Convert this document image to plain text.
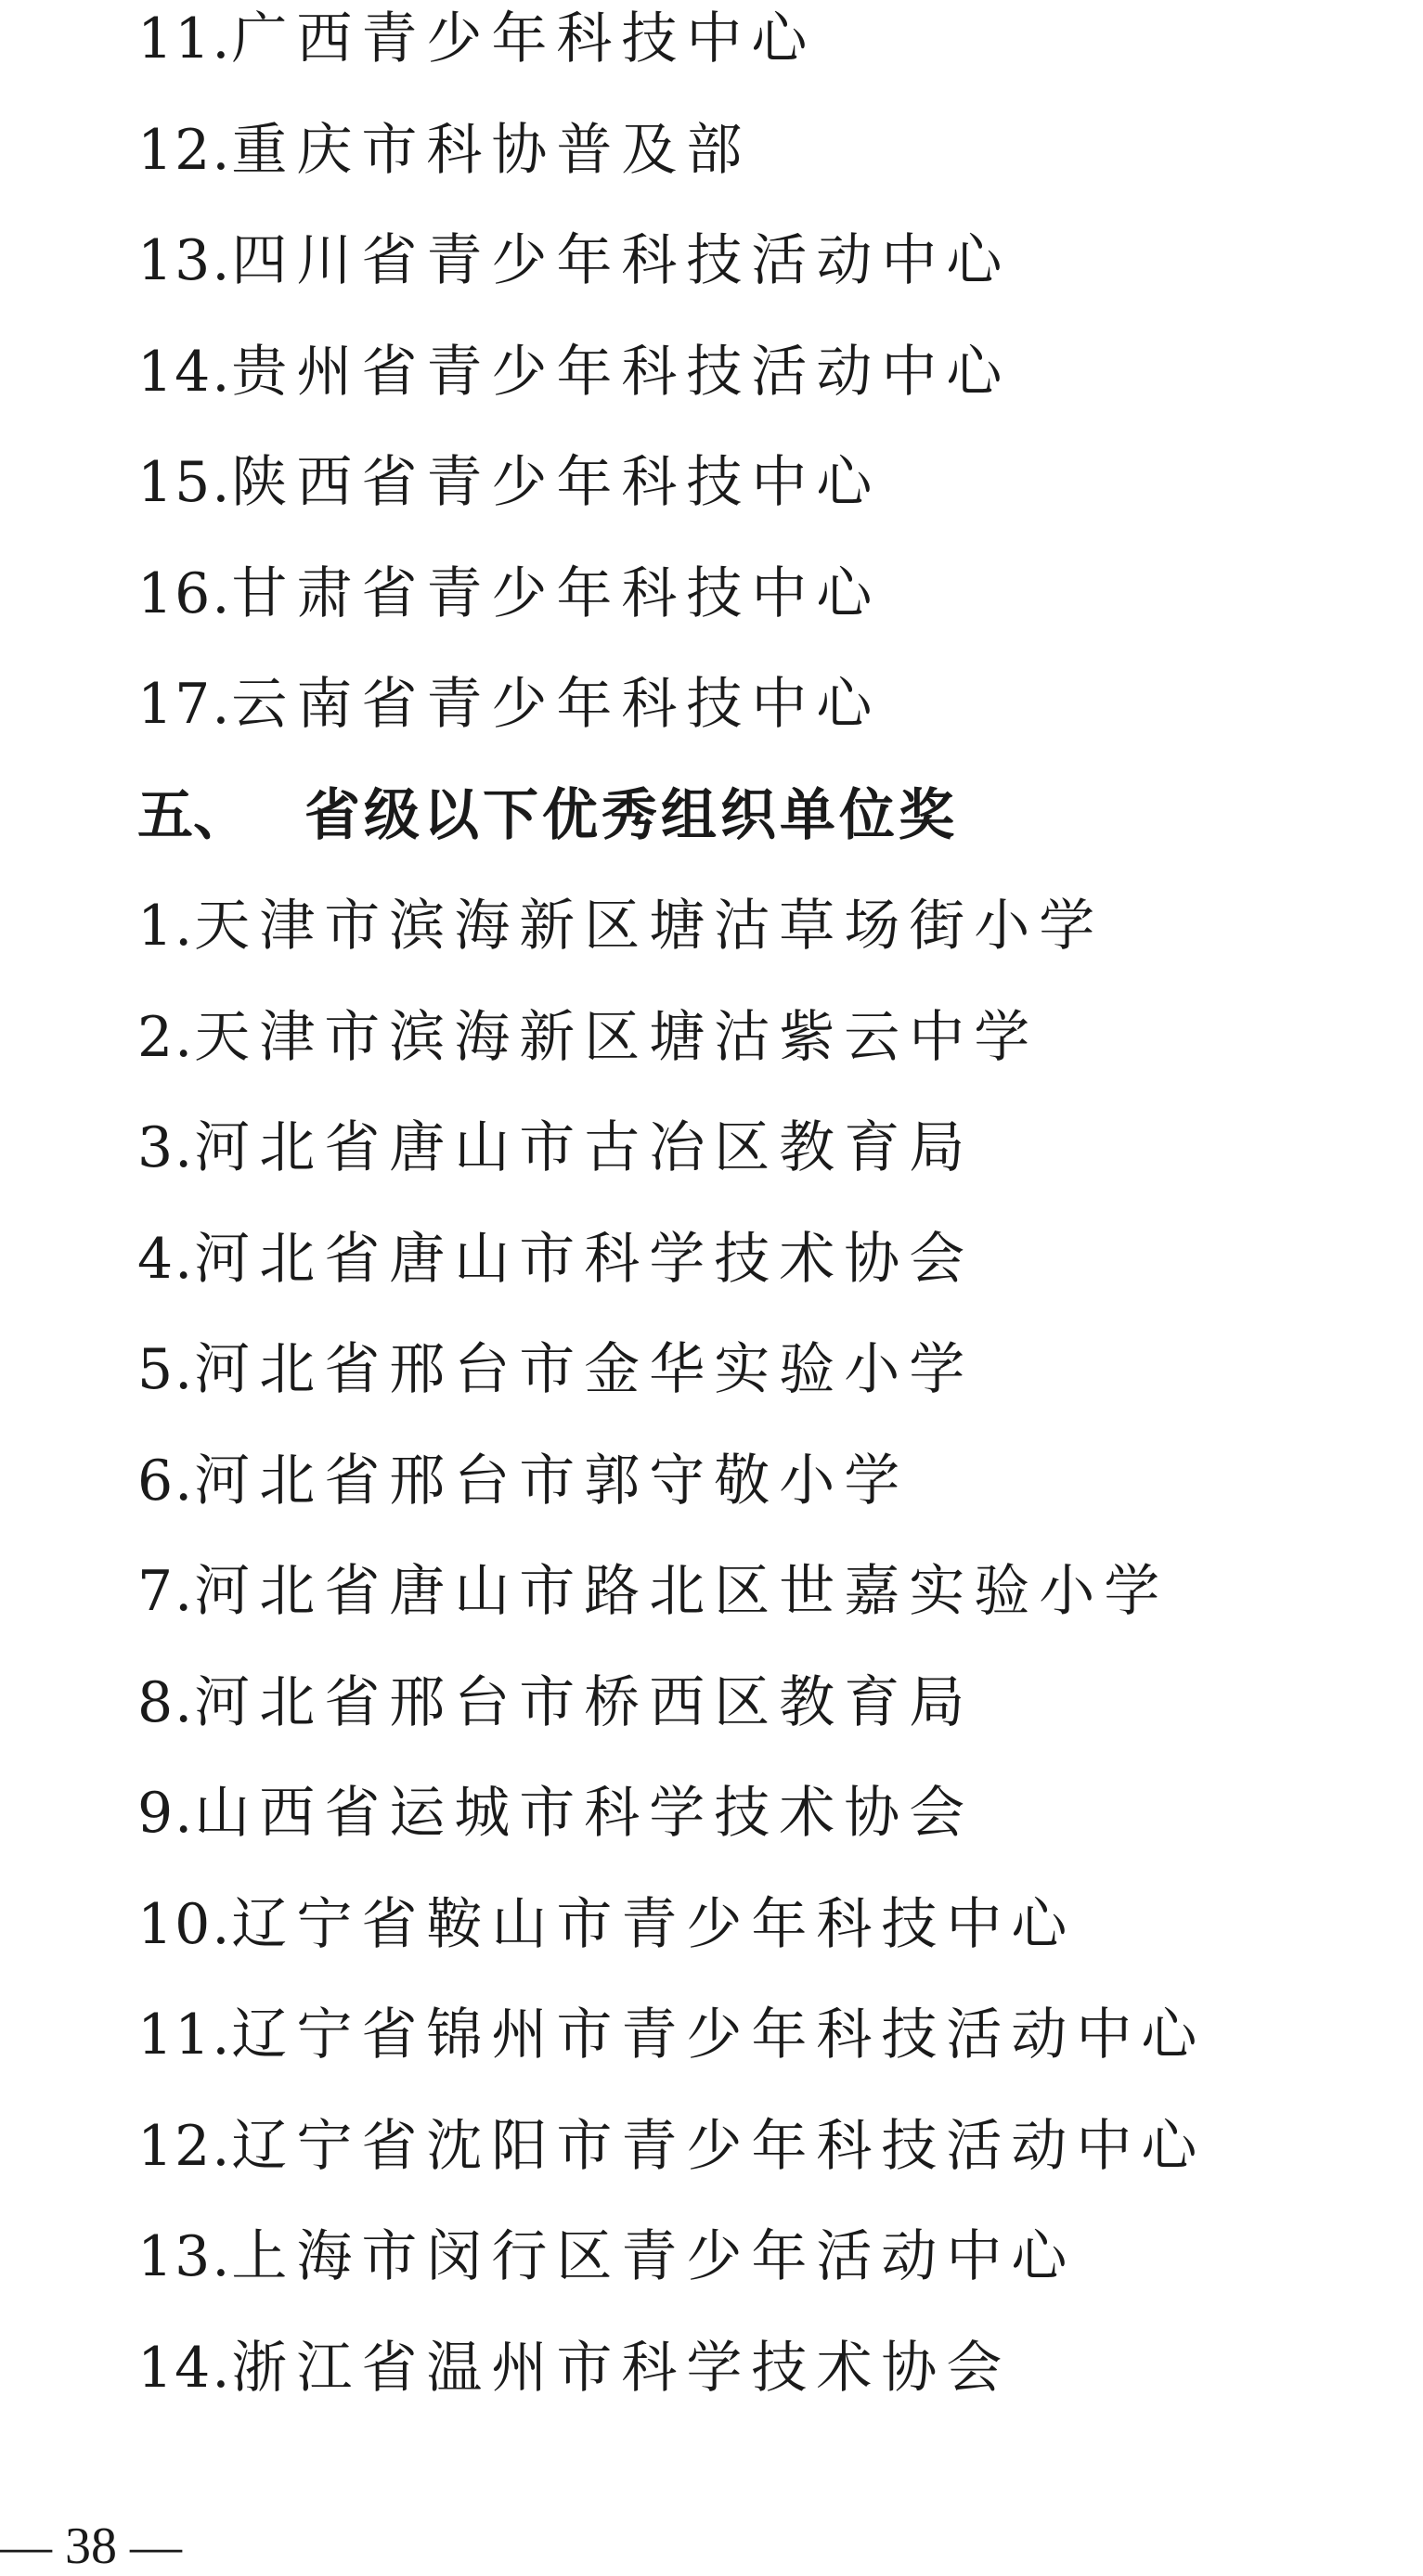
11.广西青少年科技中心
12.重庆市科协普及部
13.四川省青少年科技活动中心
14.贵州省青少年科技活动中心
15.陕西省青少年科技中心
16.甘肃省青少年科技中心
17.云南省青少年科技中心
五、 省级以下优秀组织单位奖
1.天津市滨海新区塘沽草场街小学
2.天津市滨海新区塘沽紫云中学
3.河北省唐山市古冶区教育局
4.河北省唐山市科学技术协会
5.河北省邢台市金华实验小学
6.河北省邢台市郭守敬小学
7.河北省唐山市路北区世嘉实验小学
8.河北省邢台市桥西区教育局
9.山西省运城市科学技术协会
10.辽宁省鞍山市青少年科技中心
11.辽宁省锦州市青少年科技活动中心
12.辽宁省沈阳市青少年科技活动中心
13.上海市闵行区青少年活动中心
14.浙江省温州市科学技术协会
— 38 —
